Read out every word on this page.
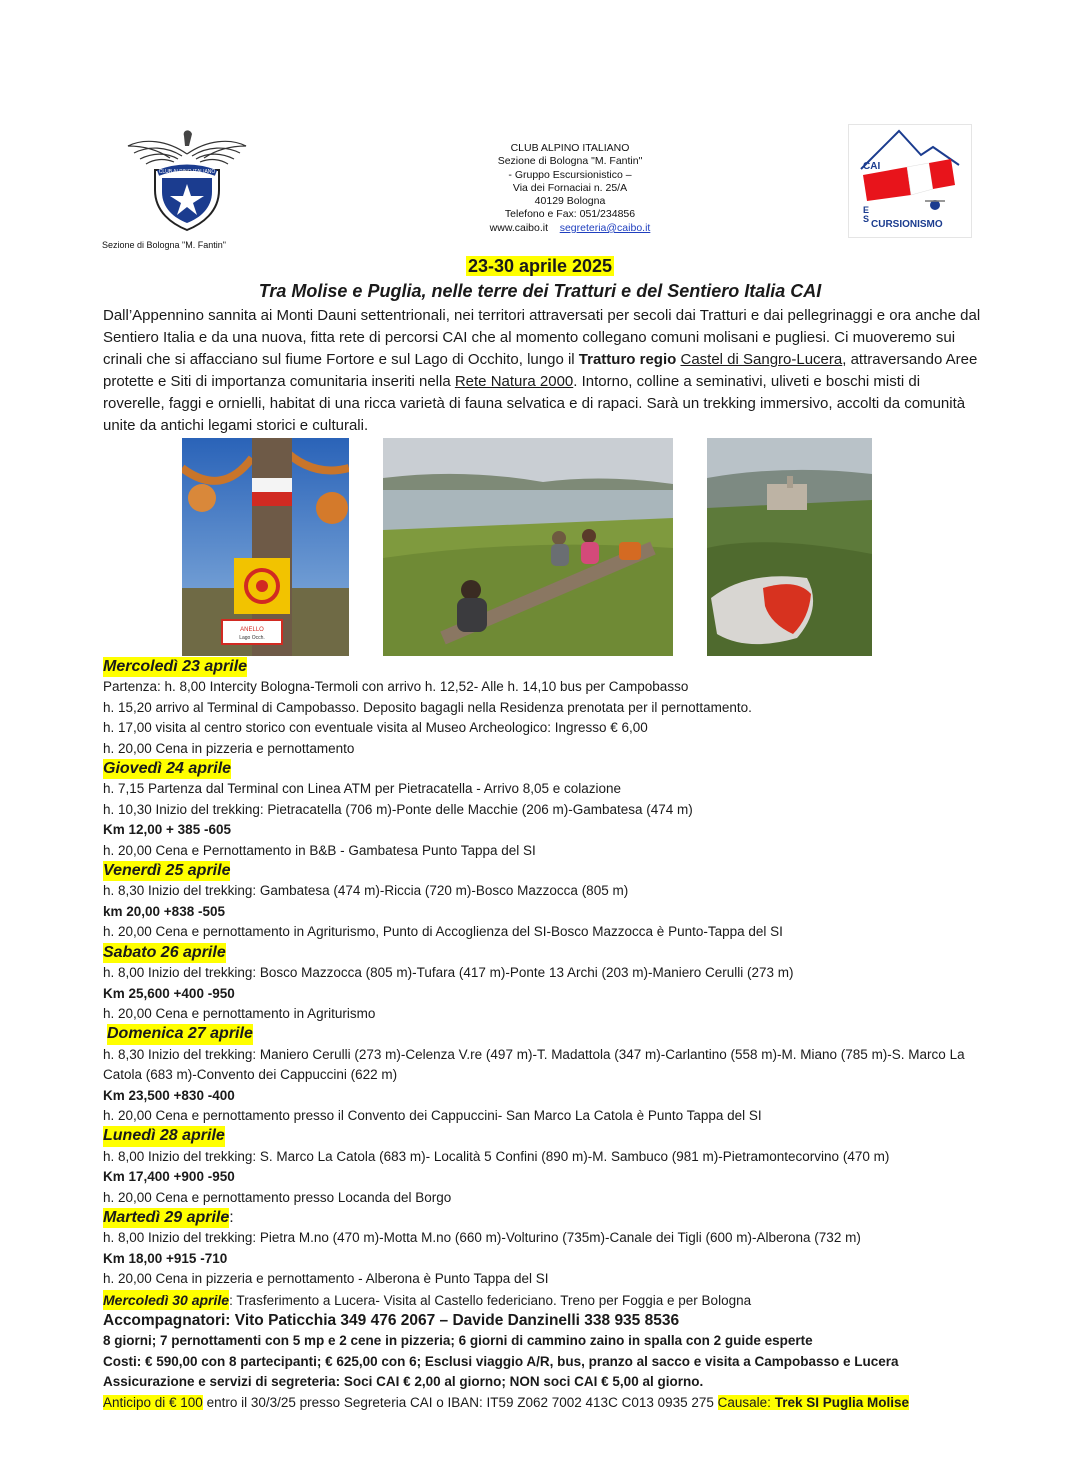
CLUB ALPINO ITALIANO
Sezione di Bologna "M. Fantin"
CLUB ALPINO ITALIANO
Sezione di Bologna "M. Fantin"
- Gruppo Escursionistico –
Via dei Fornaciai n. 25/A
40129 Bologna
Telefono e Fax: 051/234856
www.caibo.it segreteria@caibo.it
CAI
E
S CURSIONISMO
23-30 aprile 2025
Tra Molise e Puglia, nelle terre dei Tratturi e del Sentiero Italia CAI
Dall’Appennino sannita ai Monti Dauni settentrionali, nei territori attraversati per secoli dai Tratturi e dai pellegrinaggi e ora anche dal Sentiero Italia e da una nuova, fitta rete di percorsi CAI che al momento collegano comuni molisani e pugliesi. Ci muoveremo sui crinali che si affacciano sul fiume Fortore e sul Lago di Occhito, lungo il Tratturo regio Castel di Sangro-Lucera, attraversando Aree protette e Siti di importanza comunitaria inseriti nella Rete Natura 2000. Intorno, colline a seminativi, uliveti e boschi misti di roverelle, faggi e ornielli, habitat di una ricca varietà di fauna selvatica e di rapaci. Sarà un trekking immersivo, accolti da comunità unite da antichi legami storici e culturali.
ANELLO
Lago Occh.
Mercoledì 23 aprile
Partenza: h. 8,00 Intercity Bologna-Termoli con arrivo h. 12,52- Alle h. 14,10 bus per Campobasso
h. 15,20 arrivo al Terminal di Campobasso. Deposito bagagli nella Residenza prenotata per il pernottamento.
h. 17,00 visita al centro storico con eventuale visita al Museo Archeologico: Ingresso € 6,00
h. 20,00 Cena in pizzeria e pernottamento
Giovedì 24 aprile
h. 7,15 Partenza dal Terminal con Linea ATM per Pietracatella - Arrivo 8,05 e colazione
h. 10,30 Inizio del trekking: Pietracatella (706 m)-Ponte delle Macchie (206 m)-Gambatesa (474 m)
Km 12,00 + 385 -605
h. 20,00 Cena e Pernottamento in B&B - Gambatesa Punto Tappa del SI
Venerdì 25 aprile
h. 8,30 Inizio del trekking: Gambatesa (474 m)-Riccia (720 m)-Bosco Mazzocca (805 m)
km 20,00 +838 -505
h. 20,00 Cena e pernottamento in Agriturismo, Punto di Accoglienza del SI-Bosco Mazzocca è Punto-Tappa del SI
Sabato 26 aprile
h. 8,00 Inizio del trekking: Bosco Mazzocca (805 m)-Tufara (417 m)-Ponte 13 Archi (203 m)-Maniero Cerulli (273 m)
Km 25,600 +400 -950
h. 20,00 Cena e pernottamento in Agriturismo
Domenica 27 aprile
h. 8,30 Inizio del trekking: Maniero Cerulli (273 m)-Celenza V.re (497 m)-T. Madattola (347 m)-Carlantino (558 m)-M. Miano (785 m)-S. Marco La Catola (683 m)-Convento dei Cappuccini (622 m)
Km 23,500 +830 -400
h. 20,00 Cena e pernottamento presso il Convento dei Cappuccini- San Marco La Catola è Punto Tappa del SI
Lunedì 28 aprile
h. 8,00 Inizio del trekking: S. Marco La Catola (683 m)- Località 5 Confini (890 m)-M. Sambuco (981 m)-Pietramontecorvino (470 m)
Km 17,400 +900 -950
h. 20,00 Cena e pernottamento presso Locanda del Borgo
Martedì 29 aprile:
h. 8,00 Inizio del trekking: Pietra M.no (470 m)-Motta M.no (660 m)-Volturino (735m)-Canale dei Tigli (600 m)-Alberona (732 m)
Km 18,00 +915 -710
h. 20,00 Cena in pizzeria e pernottamento - Alberona è Punto Tappa del SI
Mercoledì 30 aprile: Trasferimento a Lucera- Visita al Castello federiciano. Treno per Foggia e per Bologna
Accompagnatori: Vito Paticchia 349 476 2067 – Davide Danzinelli 338 935 8536
8 giorni; 7 pernottamenti con 5 mp e 2 cene in pizzeria; 6 giorni di cammino zaino in spalla con 2 guide esperte
Costi: € 590,00 con 8 partecipanti; € 625,00 con 6; Esclusi viaggio A/R, bus, pranzo al sacco e visita a Campobasso e Lucera
Assicurazione e servizi di segreteria: Soci CAI € 2,00 al giorno; NON soci CAI € 5,00 al giorno.
Anticipo di € 100 entro il 30/3/25 presso Segreteria CAI o IBAN: IT59 Z062 7002 413C C013 0935 275 Causale: Trek SI Puglia Molise
